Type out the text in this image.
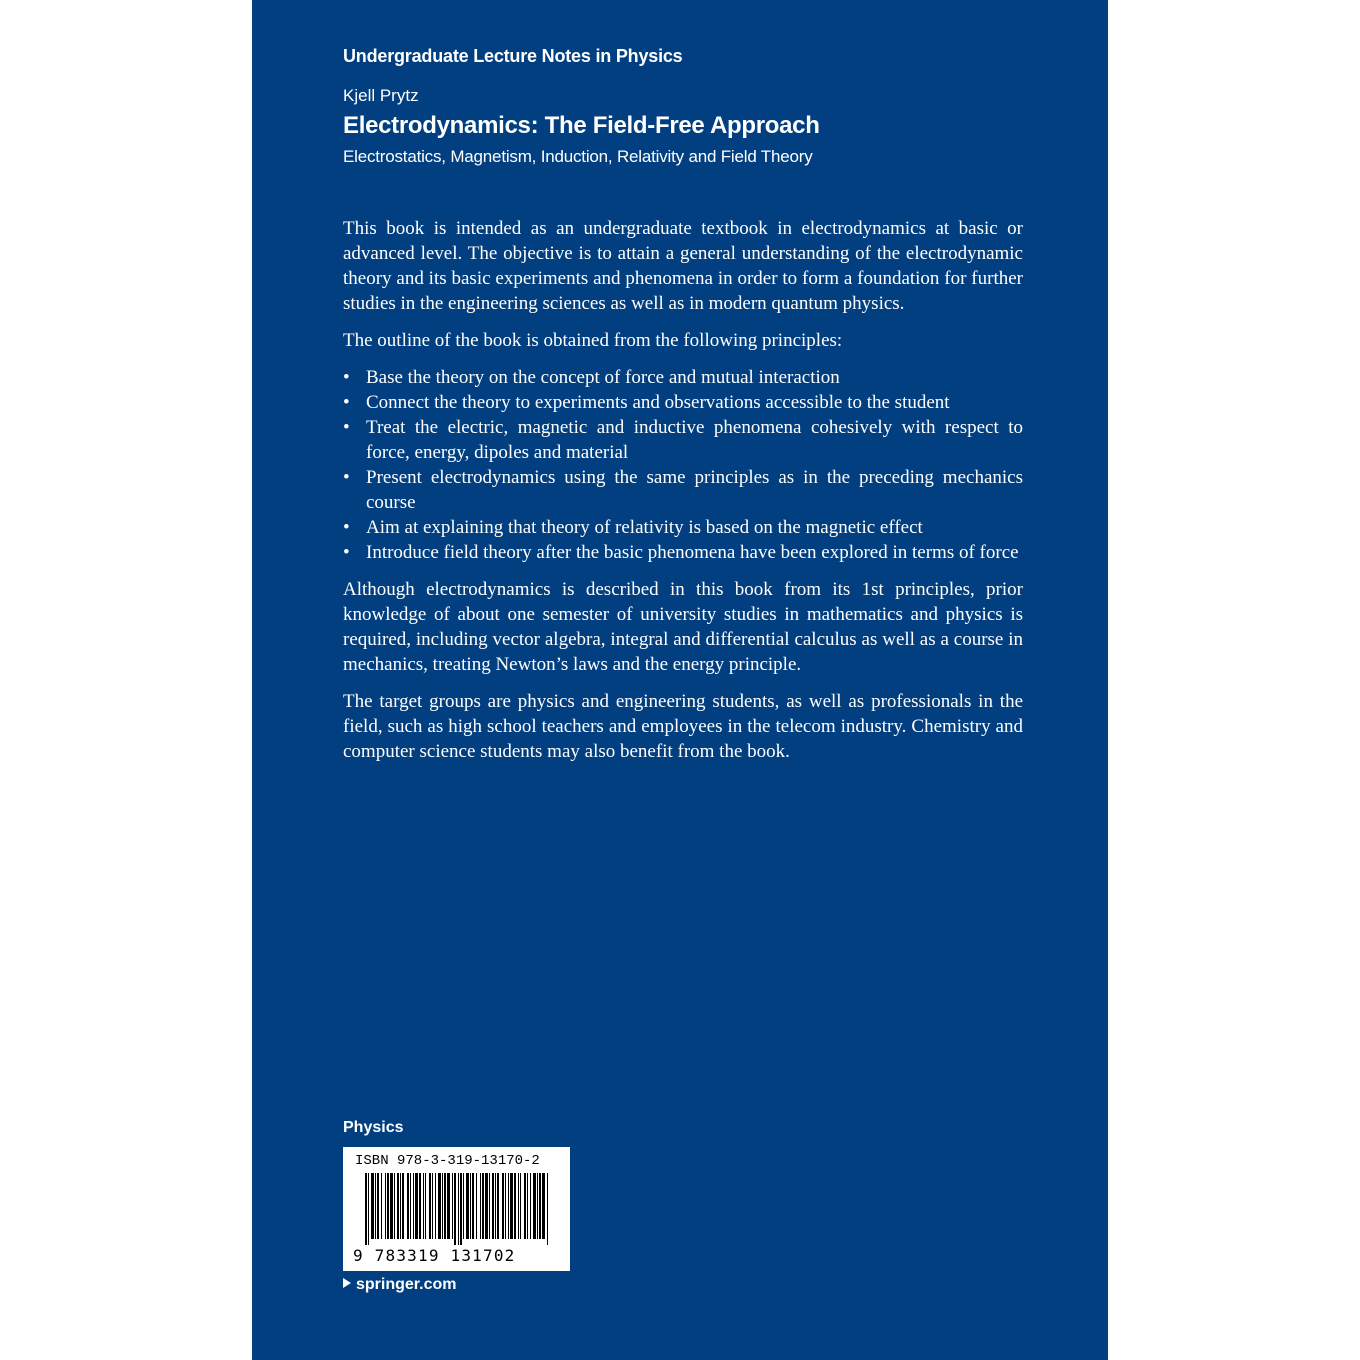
Undergraduate Lecture Notes in Physics
Kjell Prytz
Electrodynamics: The Field-Free Approach
Electrostatics, Magnetism, Induction, Relativity and Field Theory

This book is intended as an undergraduate textbook in electrodynamics at basic or advanced level. The objective is to attain a general understanding of the electrodynamic theory and its basic experiments and phenomena in order to form a foundation for further studies in the engineering sciences as well as in modern quantum physics.

The outline of the book is obtained from the following principles:

• Base the theory on the concept of force and mutual interaction
• Connect the theory to experiments and observations accessible to the student
• Treat the electric, magnetic and inductive phenomena cohesively with respect to force, energy, dipoles and material
• Present electrodynamics using the same principles as in the preceding mechanics course
• Aim at explaining that theory of relativity is based on the magnetic effect
• Introduce field theory after the basic phenomena have been explored in terms of force

Although electrodynamics is described in this book from its 1st principles, prior knowledge of about one semester of university studies in mathematics and physics is required, including vector algebra, integral and differential calculus as well as a course in mechanics, treating Newton’s laws and the energy principle.

The target groups are physics and engineering students, as well as professionals in the field, such as high school teachers and employees in the telecom industry. Chemistry and computer science students may also benefit from the book.

Physics
ISBN 978-3-319-13170-2
9 783319 131702
springer.com
